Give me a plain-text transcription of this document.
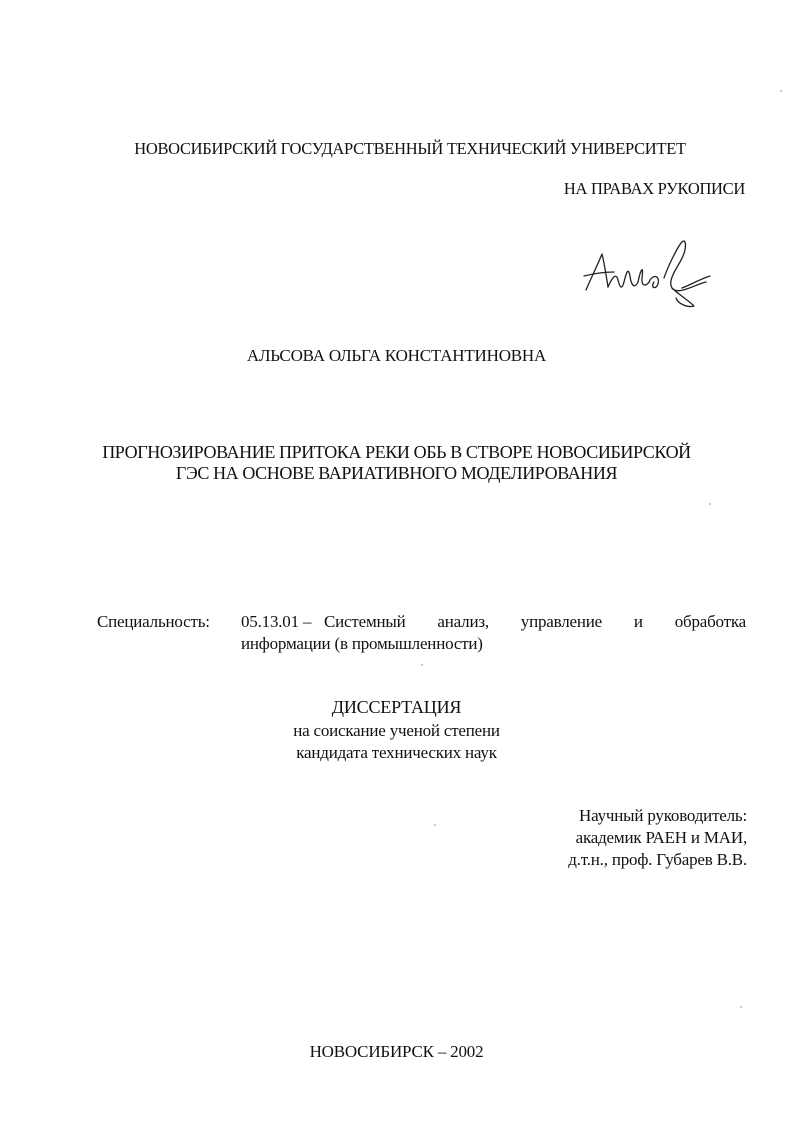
НОВОСИБИРСКИЙ ГОСУДАРСТВЕННЫЙ ТЕХНИЧЕСКИЙ УНИВЕРСИТЕТ
НА ПРАВАХ РУКОПИСИ
АЛЬСОВА ОЛЬГА КОНСТАНТИНОВНА
ПРОГНОЗИРОВАНИЕ ПРИТОКА РЕКИ ОБЬ В СТВОРЕ НОВОСИБИРСКОЙ
ГЭС НА ОСНОВЕ ВАРИАТИВНОГО МОДЕЛИРОВАНИЯ
Специальность: 05.13.01 – Системный анализ, управление и обработка
информации (в промышленности)
ДИССЕРТАЦИЯ
на соискание ученой степени
кандидата технических наук
Научный руководитель:
академик РАЕН и МАИ,
д.т.н., проф. Губарев В.В.
НОВОСИБИРСК – 2002
